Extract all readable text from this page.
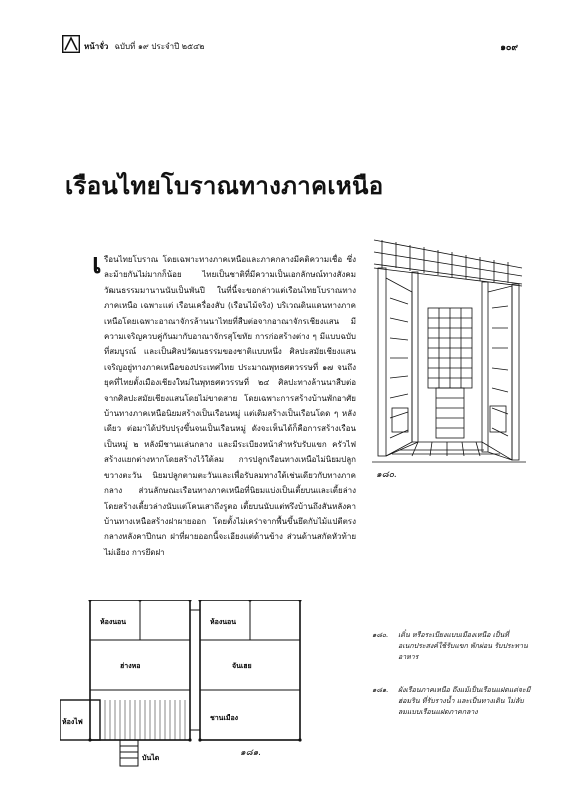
หน้าจั่ว ฉบับที่ ๑๙ ประจำปี ๒๕๔๒	๑๐๙
เรือนไทยโบราณทางภาคเหนือ
เ รือนไทยโบราณ โดยเฉพาะทางภาคเหนือและภาคกลางมีคติความเชื่อ ซึ่งละม้ายกันไม่มากก็น้อย ไทยเป็นชาติที่มีความเป็นเอกลักษณ์ทางสังคมวัฒนธรรมมานานนับเป็นพันปี ในที่นี้จะขอกล่าวแต่เรือนไทยโบราณทางภาคเหนือ เฉพาะแต่ เรือนเครื่องสับ (เรือนไม้จริง) บริเวณดินแดนทางภาคเหนือโดยเฉพาะอาณาจักรล้านนาไทยที่สืบต่อจากอาณาจักรเชียงแสน มีความเจริญควบคู่กันมากับอาณาจักรสุโขทัย การก่อสร้างต่าง ๆ มีแบบฉบับที่สมบูรณ์ และเป็นศิลปวัฒนธรรมของชาติแบบหนึ่ง ศิลปะสมัยเชียงแสนเจริญอยู่ทางภาคเหนือของประเทศไทย ประมาณพุทธศตวรรษที่ ๑๗ จนถึงยุคที่ไทยตั้งเมืองเชียงใหม่ในพุทธศตวรรษที่ ๒๔ ศิลปะทางล้านนาสืบต่อจากศิลปะสมัยเชียงแสนโดยไม่ขาดสาย โดยเฉพาะการสร้างบ้านพักอาศัยบ้านทางภาคเหนือนิยมสร้างเป็นเรือนหมู่ แต่เดิมสร้างเป็นเรือนโดด ๆ หลังเดียว ต่อมาได้ปรับปรุงขึ้นจนเป็นเรือนหมู่ ดังจะเห็นได้ก็คือการสร้างเรือนเป็นหมู่ ๒ หลังมีชานแล่นกลาง และมีระเบียงหน้าสำหรับรับแขก ครัวไฟสร้างแยกต่างหากโดยสร้างไว้ใต้ลม การปลูกเรือนทางเหนือไม่นิยมปลูกขวางตะวัน นิยมปลูกตามตะวันและเพื่อรับลมทางใต้เช่นเดียวกับทางภาคกลาง ส่วนลักษณะเรือนทางภาคเหนือที่นิยมแบ่งเป็นเตี้ยบนและเตี้ยล่าง โดยสร้างเตี้ยวล่างนับแต่โคนเสาถึงรูตอ เตี้ยบนนับแต่พรึงบ้านถึงสันหลังคา บ้านทางเหนือสร้างฝาผายออก โดยตั้งไม่เคร่าจากพื้นขึ้นยึดกับไม้แปตีตรงกลางหลังคาปีกนก ฝาที่ผายออกนี้จะเอียงแต่ด้านข้าง ส่วนด้านสกัดหัวท้ายไม่เอียง การยึดฝา

๑๘๐.
ห้องนอน	ห้องนอน
ฮ่างหอ	จันเฮย
ชานเมือง
ห้องไฟ
บันได	๑๘๑.
๑๘๐. เติ๋น หรือระเบียงแบบเมืองเหนือ เป็นที่อเนกประสงค์ใช้รับแขก พักผ่อน รับประทานอาหาร
๑๘๑. ผังเรือนภาคเหนือ ถึงแม้เป็นเรือนแฝดแต่จะมีฮ่อมริน ที่รับรางน้ำ และเป็นทางเดิน ไม่ลับลมแบบเรือนแฝดภาคกลาง
